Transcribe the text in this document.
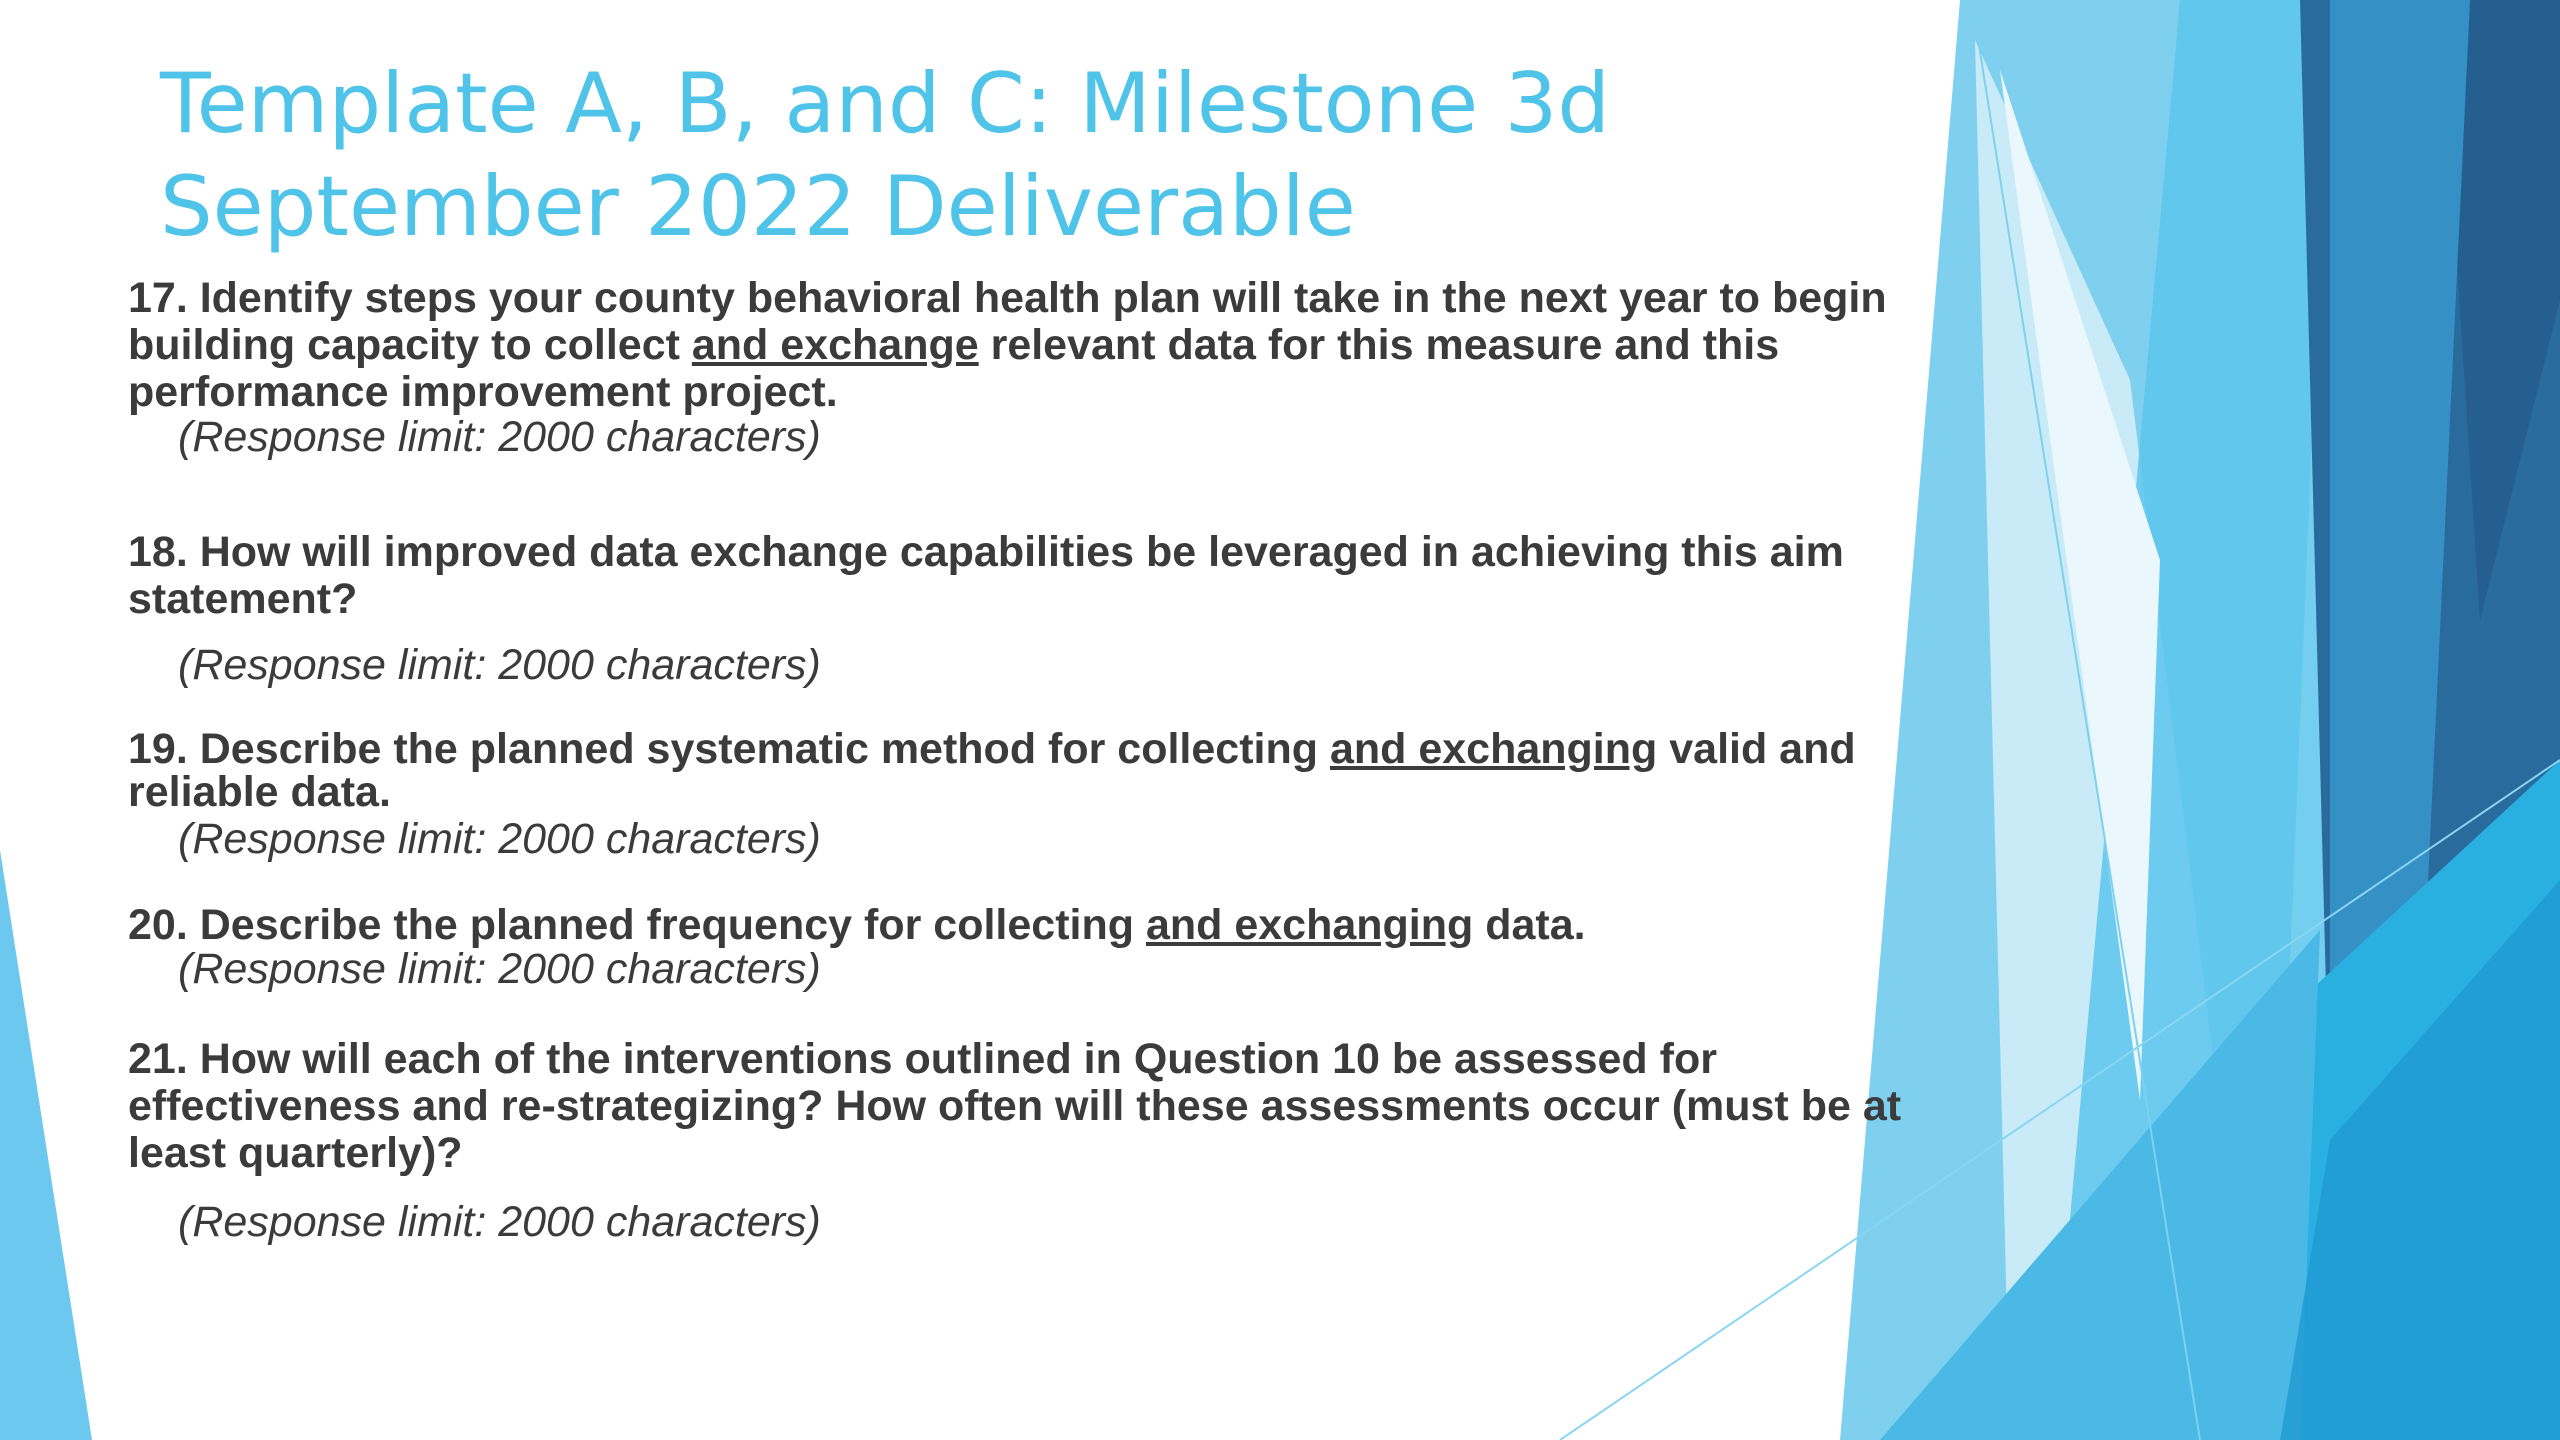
Template A, B, and C: Milestone 3d
September 2022 Deliverable

17. Identify steps your county behavioral health plan will take in the next year to begin building capacity to collect and exchange relevant data for this measure and this performance improvement project.

(Response limit: 2000 characters)

18. How will improved data exchange capabilities be leveraged in achieving this aim statement?

(Response limit: 2000 characters)

19. Describe the planned systematic method for collecting and exchanging valid and reliable data.

(Response limit: 2000 characters)

20. Describe the planned frequency for collecting and exchanging data.

(Response limit: 2000 characters)

21. How will each of the interventions outlined in Question 10 be assessed for effectiveness and re-strategizing? How often will these assessments occur (must be at least quarterly)?

(Response limit: 2000 characters)
